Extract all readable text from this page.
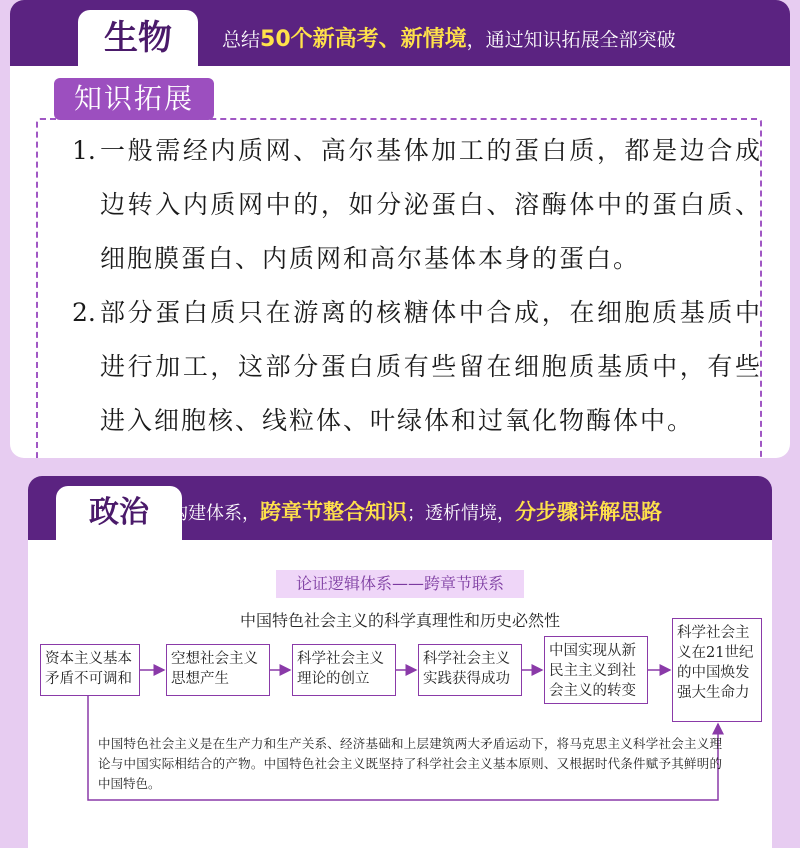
生物	总结50个新高考、新情境，通过知识拓展全部突破
知识拓展
1. 一般需经内质网、高尔基体加工的蛋白质，都是边合成边转入内质网中的，如分泌蛋白、溶酶体中的蛋白质、细胞膜蛋白、内质网和高尔基体本身的蛋白。
2. 部分蛋白质只在游离的核糖体中合成，在细胞质基质中进行加工，这部分蛋白质有些留在细胞质基质中，有些进入细胞核、线粒体、叶绿体和过氧化物酶体中。
政治	构建体系，跨章节整合知识；透析情境，分步骤详解思路
论证逻辑体系——跨章节联系
中国特色社会主义的科学真理性和历史必然性
资本主义基本矛盾不可调和
空想社会主义思想产生
科学社会主义理论的创立
科学社会主义实践获得成功
中国实现从新民主主义到社会主义的转变
科学社会主义在21世纪的中国焕发强大生命力
中国特色社会主义是在生产力和生产关系、经济基础和上层建筑两大矛盾运动下，将马克思主义科学社会主义理论与中国实际相结合的产物。中国特色社会主义既坚持了科学社会主义基本原则、又根据时代条件赋予其鲜明的中国特色。
